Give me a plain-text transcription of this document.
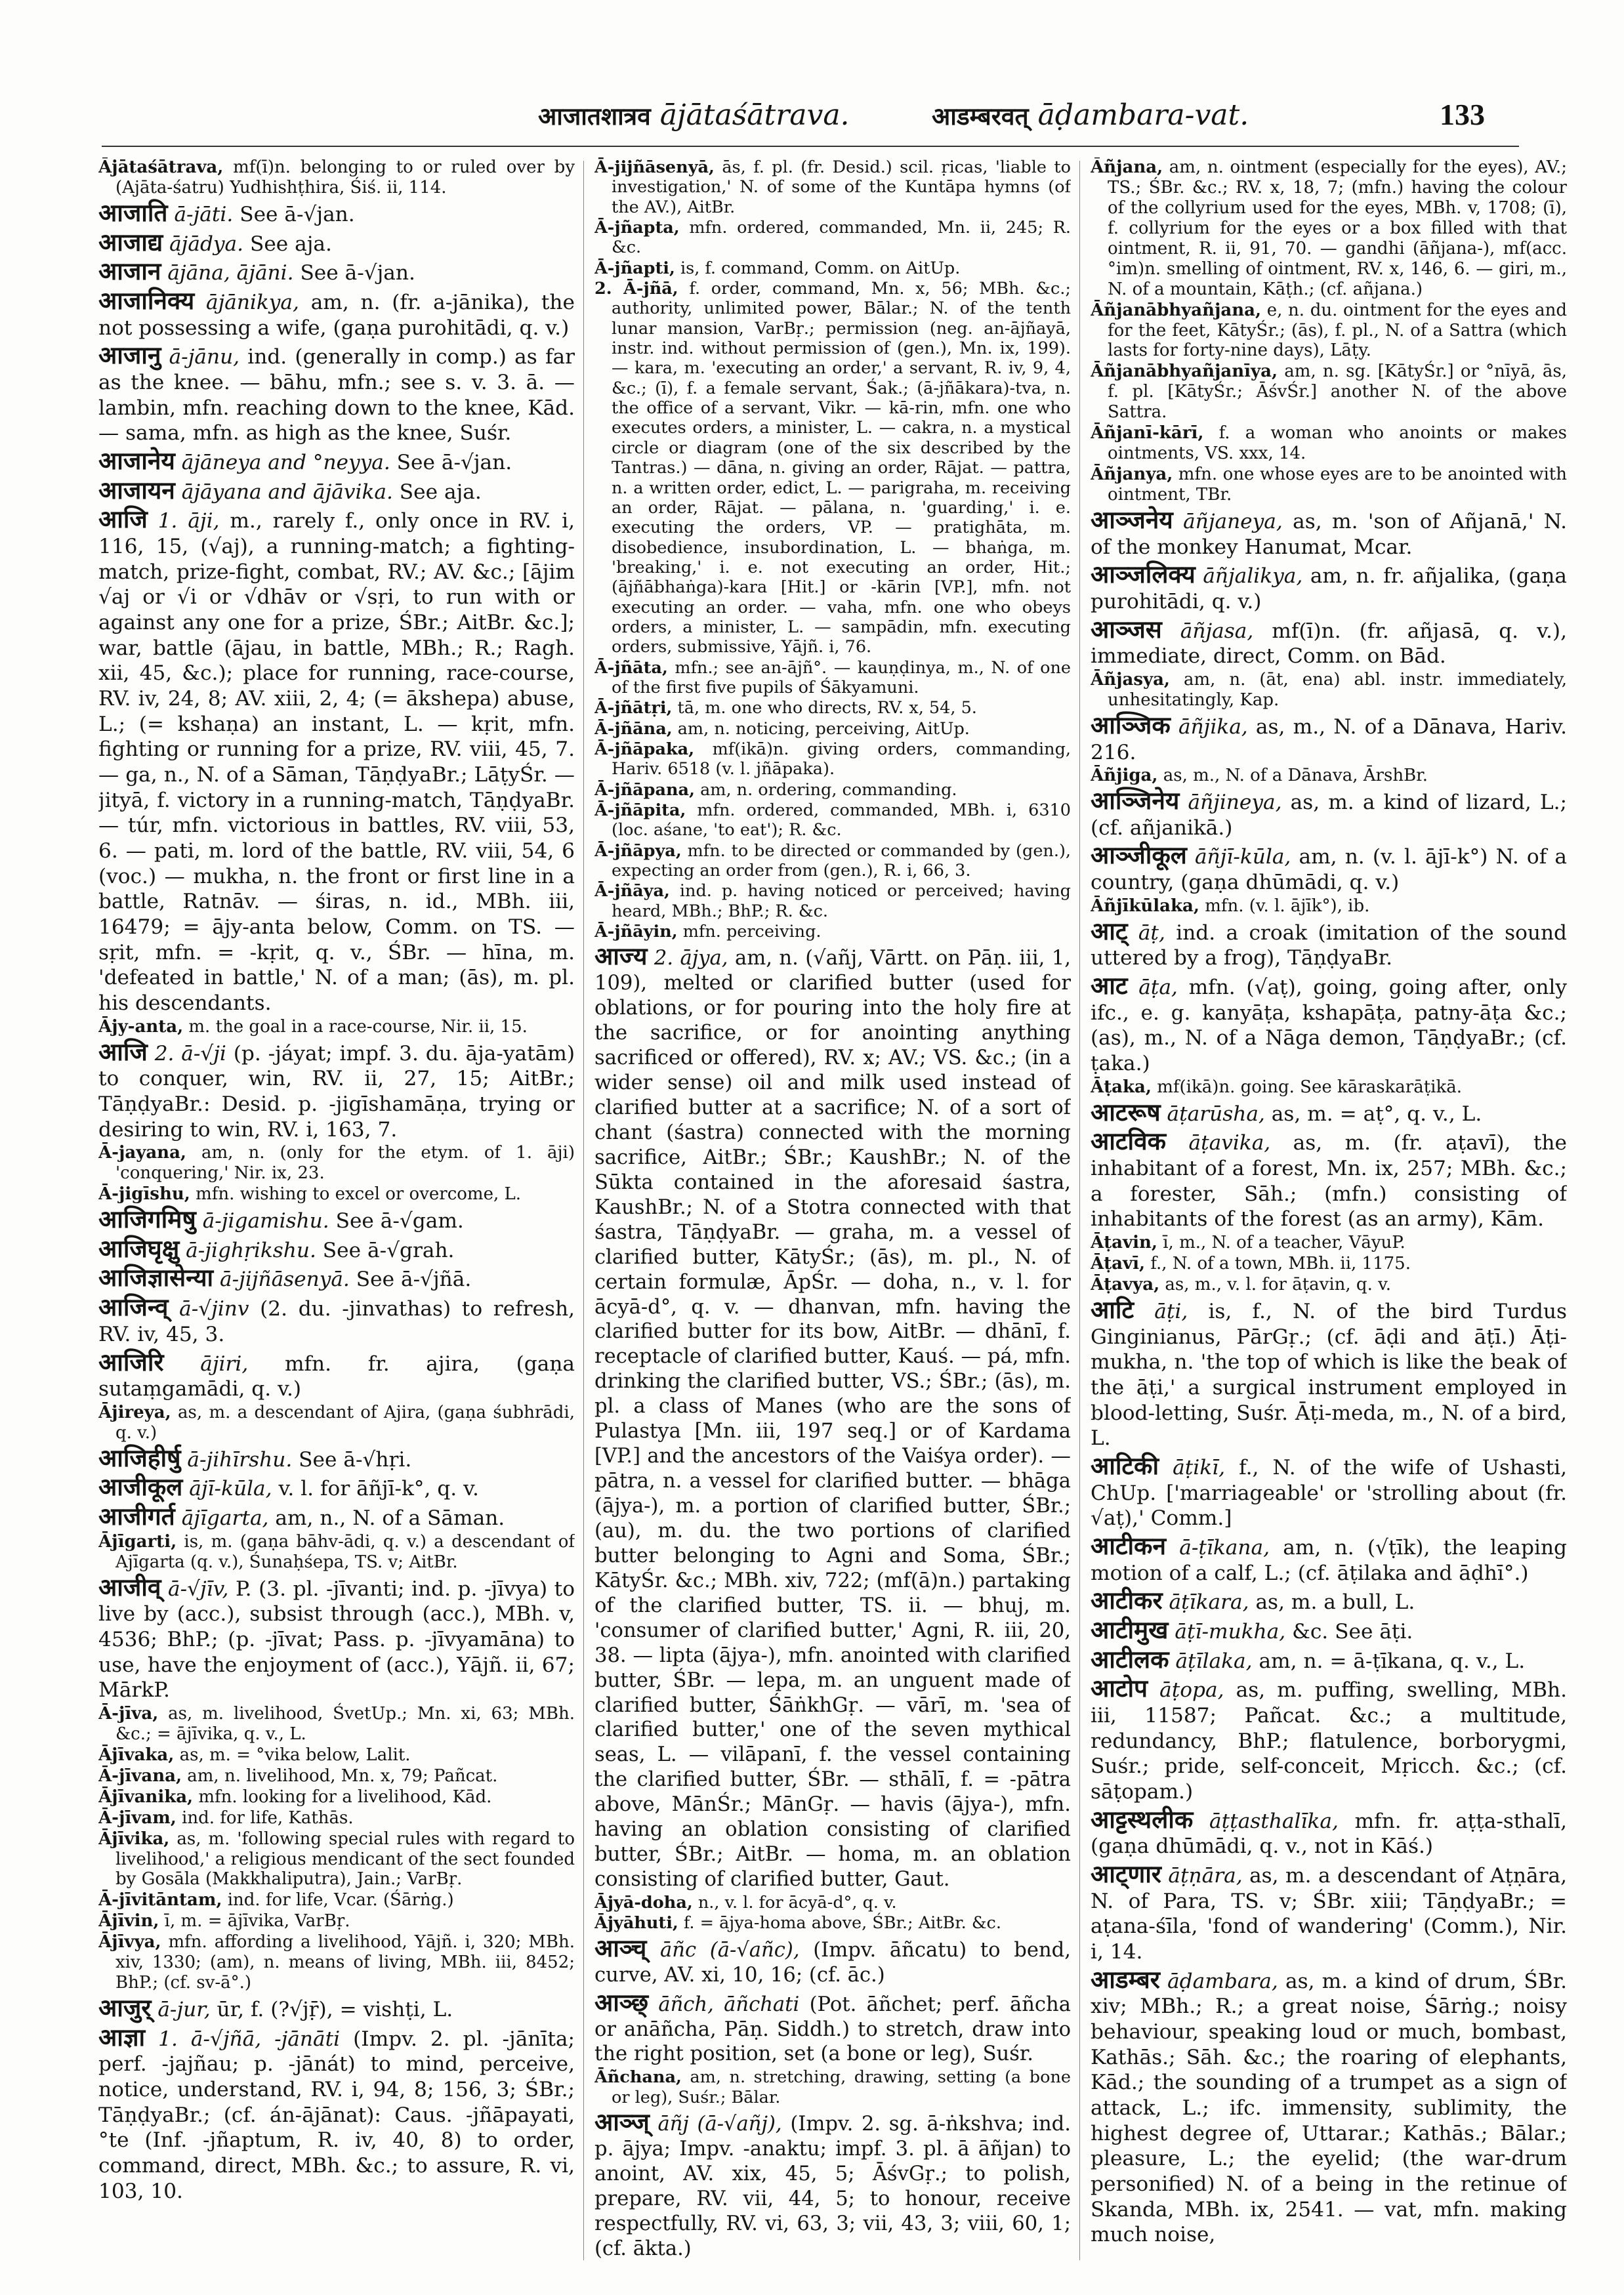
आजातशात्रव ājātaśātrava.	आडम्बरवत् āḍambara-vat.	133

Ājātaśātrava, mf(ī)n. belonging to or ruled over by (Ajāta-śatru) Yudhishṭhira, Śiś. ii, 114.

आजाति ā-jāti. See ā-√jan.

आजाद्य ājādya. See aja.

आजान ājāna, ājāni. See ā-√jan.

आजानिक्य ājānikya, am, n. (fr. a-jānika), the not possessing a wife, (gaṇa purohitādi, q. v.)

आजानु ā-jānu, ind. (generally in comp.) as far as the knee. — bāhu, mfn.; see s. v. 3. ā. — lambin, mfn. reaching down to the knee, Kād. — sama, mfn. as high as the knee, Suśr.

आजानेय ājāneya and °neyya. See ā-√jan.

आजायन ājāyana and ājāvika. See aja.

आजि 1. āji, m., rarely f., only once in RV. i, 116, 15, (√aj), a running-match; a fighting-match, prize-fight, combat, RV.; AV. &c.; [ājim √aj or √i or √dhāv or √sṛi, to run with or against any one for a prize, ŚBr.; AitBr. &c.]; war, battle (ājau, in battle, MBh.; R.; Ragh. xii, 45, &c.); place for running, race-course, RV. iv, 24, 8; AV. xiii, 2, 4; (= ākshepa) abuse, L.; (= kshaṇa) an instant, L. — kṛit, mfn. fighting or running for a prize, RV. viii, 45, 7. — ga, n., N. of a Sāman, TāṇḍyaBr.; LāṭyŚr. — jityā, f. victory in a running-match, TāṇḍyaBr. — túr, mfn. victorious in battles, RV. viii, 53, 6. — pati, m. lord of the battle, RV. viii, 54, 6 (voc.) — mukha, n. the front or first line in a battle, Ratnāv. — śiras, n. id., MBh. iii, 16479; = ājy-anta below, Comm. on TS. — sṛit, mfn. = -kṛit, q. v., ŚBr. — hīna, m. 'defeated in battle,' N. of a man; (ās), m. pl. his descendants.

Ājy-anta, m. the goal in a race-course, Nir. ii, 15.

आजि 2. ā-√ji (p. -jáyat; impf. 3. du. āja-yatām) to conquer, win, RV. ii, 27, 15; AitBr.; TāṇḍyaBr.: Desid. p. -jigīshamāṇa, trying or desiring to win, RV. i, 163, 7.

Ā-jayana, am, n. (only for the etym. of 1. āji) 'conquering,' Nir. ix, 23.

Ā-jigīshu, mfn. wishing to excel or overcome, L.

आजिगमिषु ā-jigamishu. See ā-√gam.

आजिघृक्षु ā-jighṛikshu. See ā-√grah.

आजिज्ञासेन्या ā-jijñāsenyā. See ā-√jñā.

आजिन्व् ā-√jinv (2. du. -jinvathas) to refresh, RV. iv, 45, 3.

आजिरि ājiri, mfn. fr. ajira, (gaṇa sutaṃgamādi, q. v.)

Ājireya, as, m. a descendant of Ajira, (gaṇa śubhrādi, q. v.)

आजिहीर्षु ā-jihīrshu. See ā-√hṛi.

आजीकूल ājī-kūla, v. l. for āñjī-k°, q. v.

आजीगर्त ājīgarta, am, n., N. of a Sāman.

Ājīgarti, is, m. (gaṇa bāhv-ādi, q. v.) a descendant of Ajīgarta (q. v.), Śunaḥśepa, TS. v; AitBr.

आजीव् ā-√jīv, P. (3. pl. -jīvanti; ind. p. -jīvya) to live by (acc.), subsist through (acc.), MBh. v, 4536; BhP.; (p. -jīvat; Pass. p. -jīvyamāna) to use, have the enjoyment of (acc.), Yājñ. ii, 67; MārkP.

Ā-jīva, as, m. livelihood, ŚvetUp.; Mn. xi, 63; MBh. &c.; = ājīvika, q. v., L.

Ājīvaka, as, m. = °vika below, Lalit.

Ā-jīvana, am, n. livelihood, Mn. x, 79; Pañcat.

Ājīvanika, mfn. looking for a livelihood, Kād.

Ā-jīvam, ind. for life, Kathās.

Ājīvika, as, m. 'following special rules with regard to livelihood,' a religious mendicant of the sect founded by Gosāla (Makkhaliputra), Jain.; VarBṛ.

Ā-jīvitāntam, ind. for life, Vcar. (Śārṅg.)

Ājīvin, ī, m. = ājīvika, VarBṛ.

Ājīvya, mfn. affording a livelihood, Yājñ. i, 320; MBh. xiv, 1330; (am), n. means of living, MBh. iii, 8452; BhP.; (cf. sv-ā°.)

आजुर् ā-jur, ūr, f. (?√jṝ), = vishṭi, L.

आज्ञा 1. ā-√jñā, -jānāti (Impv. 2. pl. -jānīta; perf. -jajñau; p. -jānát) to mind, perceive, notice, understand, RV. i, 94, 8; 156, 3; ŚBr.; TāṇḍyaBr.; (cf. án-ājānat): Caus. -jñāpayati, °te (Inf. -jñaptum, R. iv, 40, 8) to order, command, direct, MBh. &c.; to assure, R. vi, 103, 10.

Ā-jijñāsenyā, ās, f. pl. (fr. Desid.) scil. ṛicas, 'liable to investigation,' N. of some of the Kuntāpa hymns (of the AV.), AitBr.

Ā-jñapta, mfn. ordered, commanded, Mn. ii, 245; R. &c.

Ā-jñapti, is, f. command, Comm. on AitUp.

2. Ā-jñā, f. order, command, Mn. x, 56; MBh. &c.; authority, unlimited power, Bālar.; N. of the tenth lunar mansion, VarBṛ.; permission (neg. an-ājñayā, instr. ind. without permission of (gen.), Mn. ix, 199). — kara, m. 'executing an order,' a servant, R. iv, 9, 4, &c.; (ī), f. a female servant, Śak.; (ā-jñākara)-tva, n. the office of a servant, Vikr. — kā-rin, mfn. one who executes orders, a minister, L. — cakra, n. a mystical circle or diagram (one of the six described by the Tantras.) — dāna, n. giving an order, Rājat. — pattra, n. a written order, edict, L. — parigraha, m. receiving an order, Rājat. — pālana, n. 'guarding,' i. e. executing the orders, VP. — pratighāta, m. disobedience, insubordination, L. — bhaṅga, m. 'breaking,' i. e. not executing an order, Hit.; (ājñābhaṅga)-kara [Hit.] or -kārin [VP.], mfn. not executing an order. — vaha, mfn. one who obeys orders, a minister, L. — sampādin, mfn. executing orders, submissive, Yājñ. i, 76.

Ā-jñāta, mfn.; see an-ājñ°. — kauṇḍinya, m., N. of one of the first five pupils of Śākyamuni.

Ā-jñātṛi, tā, m. one who directs, RV. x, 54, 5.

Ā-jñāna, am, n. noticing, perceiving, AitUp.

Ā-jñāpaka, mf(ikā)n. giving orders, commanding, Hariv. 6518 (v. l. jñāpaka).

Ā-jñāpana, am, n. ordering, commanding.

Ā-jñāpita, mfn. ordered, commanded, MBh. i, 6310 (loc. aśane, 'to eat'); R. &c.

Ā-jñāpya, mfn. to be directed or commanded by (gen.), expecting an order from (gen.), R. i, 66, 3.

Ā-jñāya, ind. p. having noticed or perceived; having heard, MBh.; BhP.; R. &c.

Ā-jñāyin, mfn. perceiving.

आज्य 2. ājya, am, n. (√añj, Vārtt. on Pāṇ. iii, 1, 109), melted or clarified butter (used for oblations, or for pouring into the holy fire at the sacrifice, or for anointing anything sacrificed or offered), RV. x; AV.; VS. &c.; (in a wider sense) oil and milk used instead of clarified butter at a sacrifice; N. of a sort of chant (śastra) connected with the morning sacrifice, AitBr.; ŚBr.; KaushBr.; N. of the Sūkta contained in the aforesaid śastra, KaushBr.; N. of a Stotra connected with that śastra, TāṇḍyaBr. — graha, m. a vessel of clarified butter, KātyŚr.; (ās), m. pl., N. of certain formulæ, ĀpŚr. — doha, n., v. l. for ācyā-d°, q. v. — dhanvan, mfn. having the clarified butter for its bow, AitBr. — dhānī, f. receptacle of clarified butter, Kauś. — pá, mfn. drinking the clarified butter, VS.; ŚBr.; (ās), m. pl. a class of Manes (who are the sons of Pulastya [Mn. iii, 197 seq.] or of Kardama [VP.] and the ancestors of the Vaiśya order). — pātra, n. a vessel for clarified butter. — bhāga (ājya-), m. a portion of clarified butter, ŚBr.; (au), m. du. the two portions of clarified butter belonging to Agni and Soma, ŚBr.; KātyŚr. &c.; MBh. xiv, 722; (mf(ā)n.) partaking of the clarified butter, TS. ii. — bhuj, m. 'consumer of clarified butter,' Agni, R. iii, 20, 38. — lipta (ājya-), mfn. anointed with clarified butter, ŚBr. — lepa, m. an unguent made of clarified butter, ŚāṅkhGṛ. — vārī, m. 'sea of clarified butter,' one of the seven mythical seas, L. — vilāpanī, f. the vessel containing the clarified butter, ŚBr. — sthālī, f. = -pātra above, MānŚr.; MānGṛ. — havis (ājya-), mfn. having an oblation consisting of clarified butter, ŚBr.; AitBr. — homa, m. an oblation consisting of clarified butter, Gaut.

Ājyā-doha, n., v. l. for ācyā-d°, q. v.

Ājyāhuti, f. = ājya-homa above, ŚBr.; AitBr. &c.

आञ्च् āñc (ā-√añc), (Impv. āñcatu) to bend, curve, AV. xi, 10, 16; (cf. āc.)

आञ्छ् āñch, āñchati (Pot. āñchet; perf. āñcha or anāñcha, Pāṇ. Siddh.) to stretch, draw into the right position, set (a bone or leg), Suśr.

Āñchana, am, n. stretching, drawing, setting (a bone or leg), Suśr.; Bālar.

आञ्ज् āñj (ā-√añj), (Impv. 2. sg. ā-ṅkshva; ind. p. ājya; Impv. -anaktu; impf. 3. pl. ā āñjan) to anoint, AV. xix, 45, 5; ĀśvGṛ.; to polish, prepare, RV. vii, 44, 5; to honour, receive respectfully, RV. vi, 63, 3; vii, 43, 3; viii, 60, 1; (cf. ākta.)

Āñjana, am, n. ointment (especially for the eyes), AV.; TS.; ŚBr. &c.; RV. x, 18, 7; (mfn.) having the colour of the collyrium used for the eyes, MBh. v, 1708; (ī), f. collyrium for the eyes or a box filled with that ointment, R. ii, 91, 70. — gandhi (āñjana-), mf(acc. °im)n. smelling of ointment, RV. x, 146, 6. — giri, m., N. of a mountain, Kāṭh.; (cf. añjana.)

Āñjanābhyañjana, e, n. du. ointment for the eyes and for the feet, KātyŚr.; (ās), f. pl., N. of a Sattra (which lasts for forty-nine days), Lāṭy.

Āñjanābhyañjanīya, am, n. sg. [KātyŚr.] or °nīyā, ās, f. pl. [KātyŚr.; ĀśvŚr.] another N. of the above Sattra.

Āñjanī-kārī, f. a woman who anoints or makes ointments, VS. xxx, 14.

Āñjanya, mfn. one whose eyes are to be anointed with ointment, TBr.

आञ्जनेय āñjaneya, as, m. 'son of Añjanā,' N. of the monkey Hanumat, Mcar.

आञ्जलिक्य āñjalikya, am, n. fr. añjalika, (gaṇa purohitādi, q. v.)

आञ्जस āñjasa, mf(ī)n. (fr. añjasā, q. v.), immediate, direct, Comm. on Bād.

Āñjasya, am, n. (āt, ena) abl. instr. immediately, unhesitatingly, Kap.

आञ्जिक āñjika, as, m., N. of a Dānava, Hariv. 216.

Āñjiga, as, m., N. of a Dānava, ĀrshBr.

आञ्जिनेय āñjineya, as, m. a kind of lizard, L.; (cf. añjanikā.)

आञ्जीकूल āñjī-kūla, am, n. (v. l. ājī-k°) N. of a country, (gaṇa dhūmādi, q. v.)

Āñjīkūlaka, mfn. (v. l. ājīk°), ib.

आट् āṭ, ind. a croak (imitation of the sound uttered by a frog), TāṇḍyaBr.

आट āṭa, mfn. (√aṭ), going, going after, only ifc., e. g. kanyāṭa, kshapāṭa, patny-āṭa &c.; (as), m., N. of a Nāga demon, TāṇḍyaBr.; (cf. ṭaka.)

Āṭaka, mf(ikā)n. going. See kāraskarāṭikā.

आटरूष āṭarūsha, as, m. = aṭ°, q. v., L.

आटविक āṭavika, as, m. (fr. aṭavī), the inhabitant of a forest, Mn. ix, 257; MBh. &c.; a forester, Sāh.; (mfn.) consisting of inhabitants of the forest (as an army), Kām.

Āṭavin, ī, m., N. of a teacher, VāyuP.

Āṭavī, f., N. of a town, MBh. ii, 1175.

Āṭavya, as, m., v. l. for āṭavin, q. v.

आटि āṭi, is, f., N. of the bird Turdus Ginginianus, PārGṛ.; (cf. āḍi and āṭī.) Āṭi-mukha, n. 'the top of which is like the beak of the āṭi,' a surgical instrument employed in blood-letting, Suśr. Āṭi-meda, m., N. of a bird, L.

आटिकी āṭikī, f., N. of the wife of Ushasti, ChUp. ['marriageable' or 'strolling about (fr. √aṭ),' Comm.]

आटीकन ā-ṭīkana, am, n. (√ṭīk), the leaping motion of a calf, L.; (cf. āṭilaka and āḍhī°.)

आटीकर āṭīkara, as, m. a bull, L.

आटीमुख āṭī-mukha, &c. See āṭi.

आटीलक āṭīlaka, am, n. = ā-ṭīkana, q. v., L.

आटोप āṭopa, as, m. puffing, swelling, MBh. iii, 11587; Pañcat. &c.; a multitude, redundancy, BhP.; flatulence, borborygmi, Suśr.; pride, self-conceit, Mṛicch. &c.; (cf. sāṭopam.)

आट्टस्थलीक āṭṭasthalīka, mfn. fr. aṭṭa-sthalī, (gaṇa dhūmādi, q. v., not in Kāś.)

आट्णार āṭṇāra, as, m. a descendant of Aṭṇāra, N. of Para, TS. v; ŚBr. xiii; TāṇḍyaBr.; = aṭana-śīla, 'fond of wandering' (Comm.), Nir. i, 14.

आडम्बर āḍambara, as, m. a kind of drum, ŚBr. xiv; MBh.; R.; a great noise, Śārṅg.; noisy behaviour, speaking loud or much, bombast, Kathās.; Sāh. &c.; the roaring of elephants, Kād.; the sounding of a trumpet as a sign of attack, L.; ifc. immensity, sublimity, the highest degree of, Uttarar.; Kathās.; Bālar.; pleasure, L.; the eyelid; (the war-drum personified) N. of a being in the retinue of Skanda, MBh. ix, 2541. — vat, mfn. making much noise,
